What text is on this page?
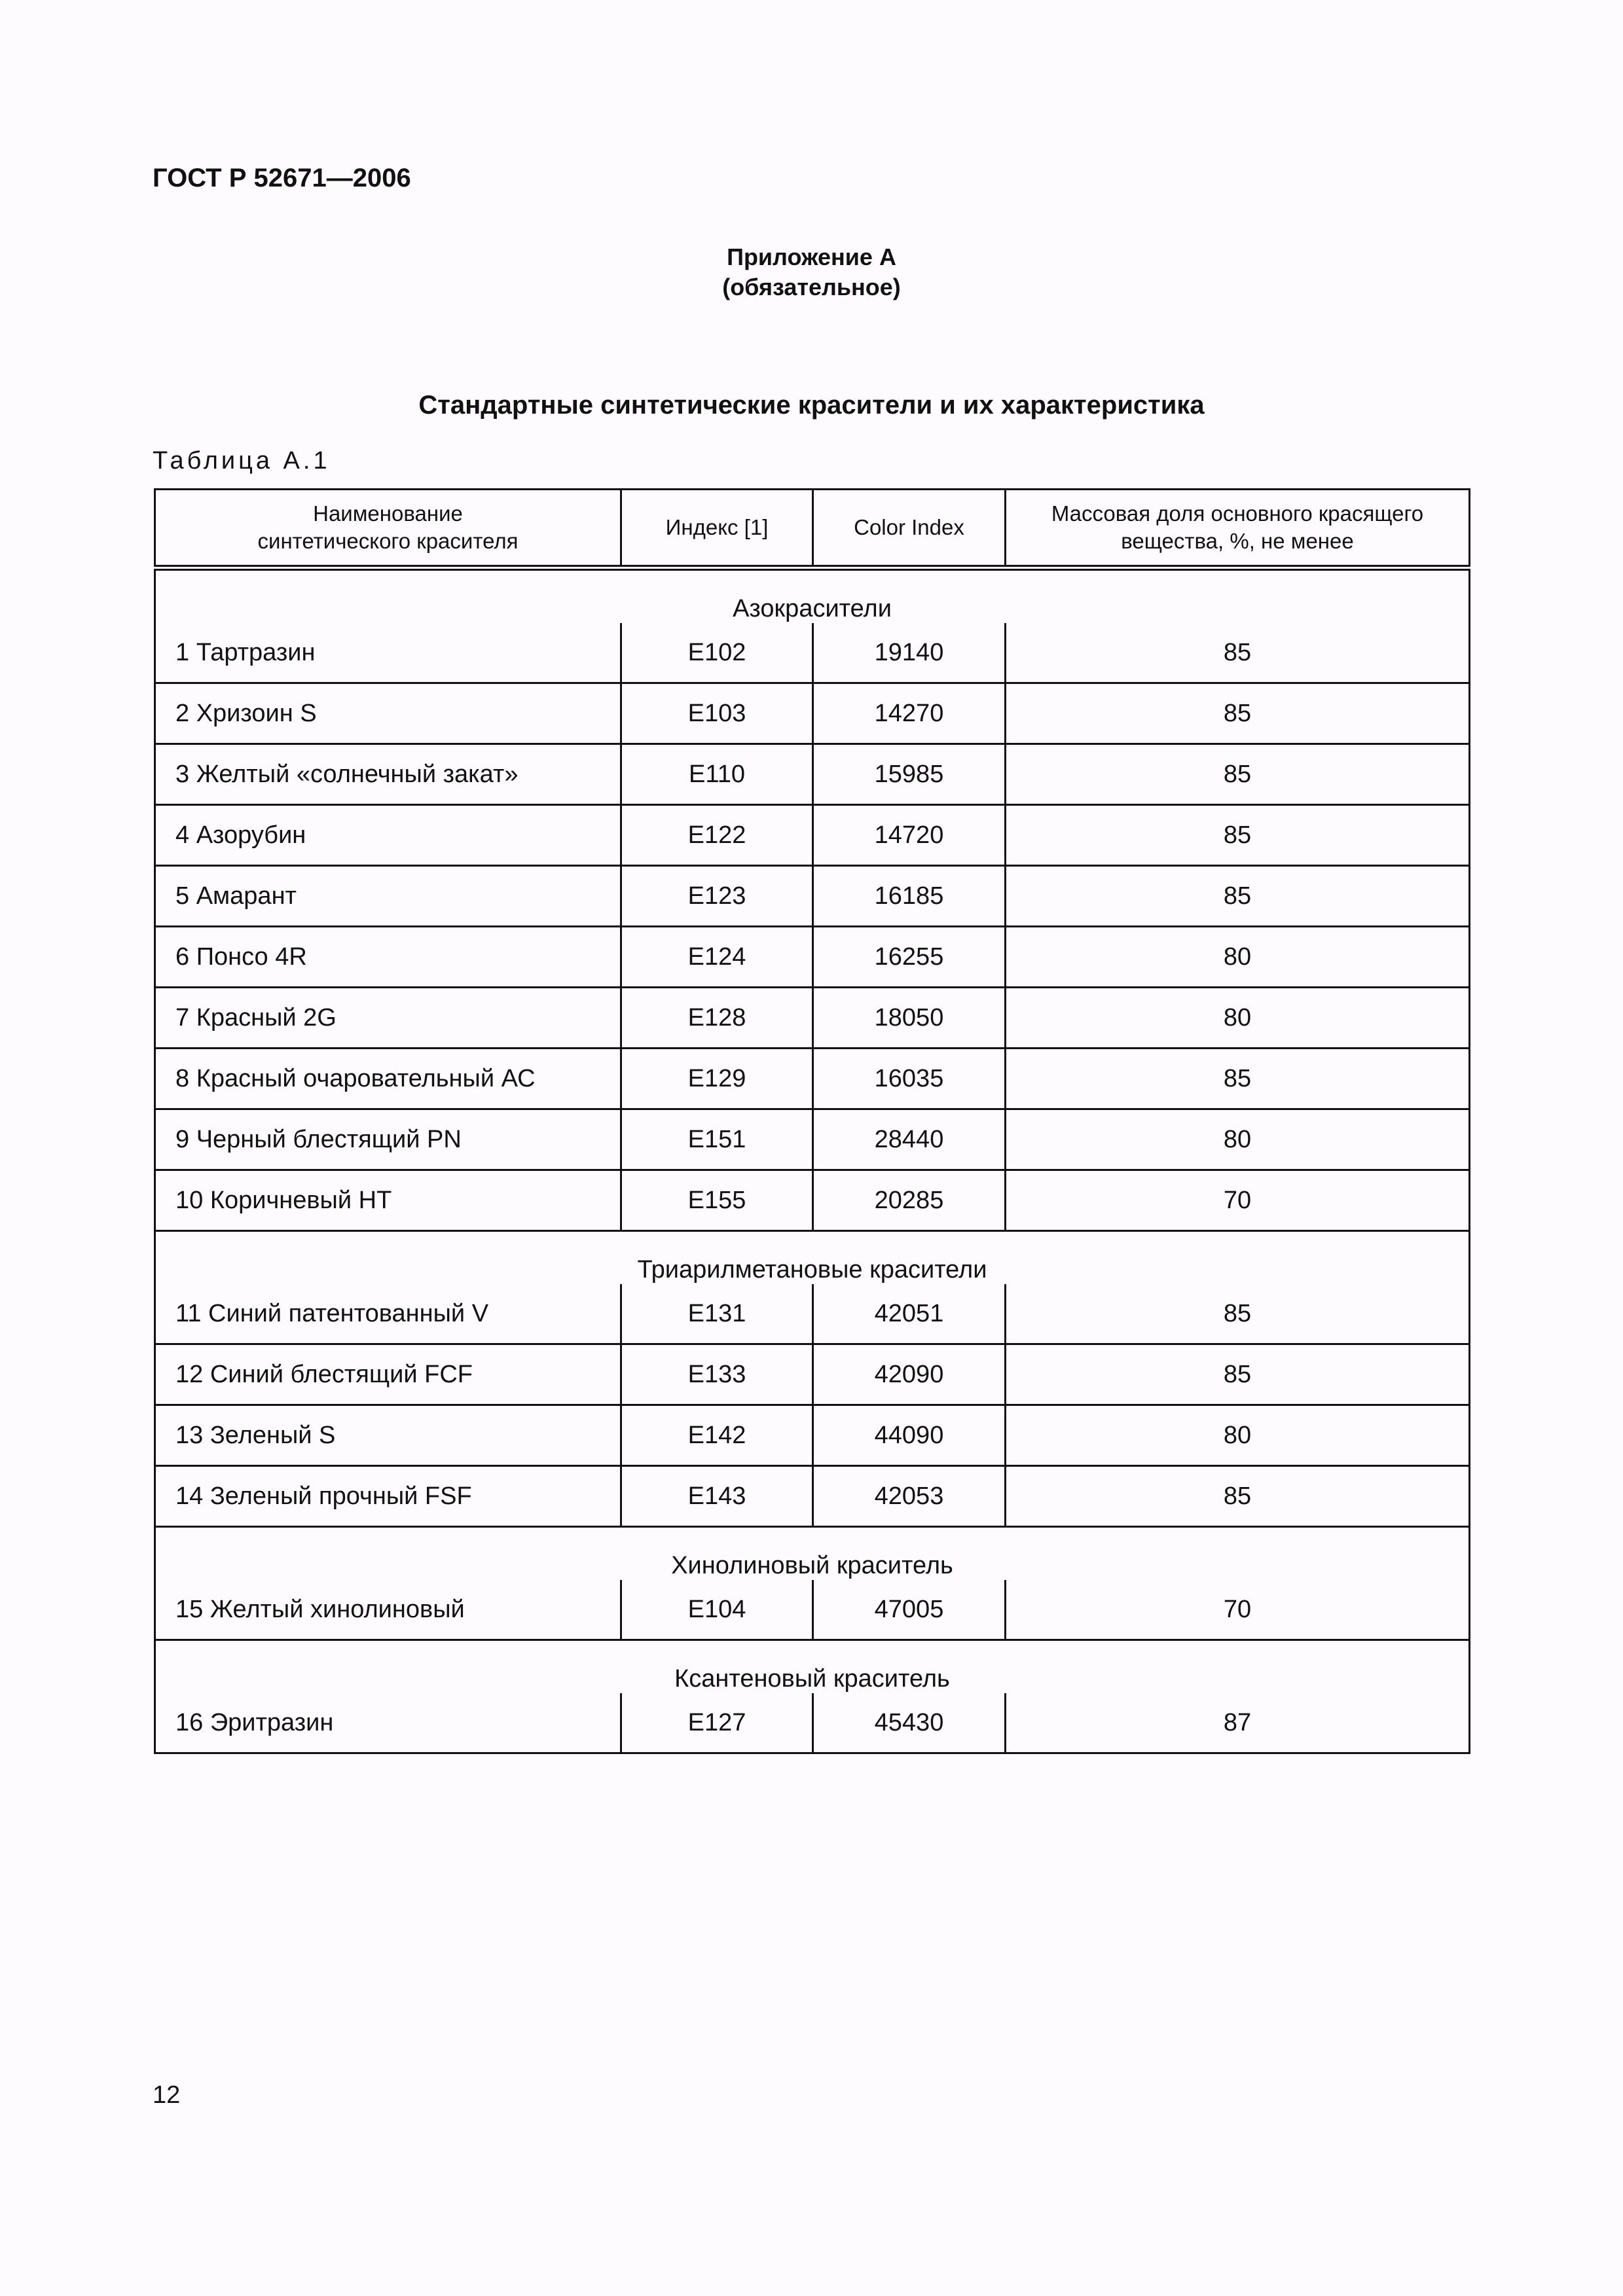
ГОСТ Р 52671—2006
Приложение А
(обязательное)
Стандартные синтетические красители и их характеристика
Таблица А.1
Наименование
синтетического красителя	Индекс [1]	Color Index	Массовая доля основного красящего
вещества, %, не менее
Азокрасители			
1 Тартразин	Е102	19140	85
2 Хризоин S	Е103	14270	85
3 Желтый «солнечный закат»	Е110	15985	85
4 Азорубин	Е122	14720	85
5 Амарант	Е123	16185	85
6 Понсо 4R	Е124	16255	80
7 Красный 2G	Е128	18050	80
8 Красный очаровательный АС	Е129	16035	85
9 Черный блестящий PN	Е151	28440	80
10 Коричневый НТ	Е155	20285	70
Триарилметановые красители			
11 Синий патентованный V	Е131	42051	85
12 Синий блестящий FCF	Е133	42090	85
13 Зеленый S	Е142	44090	80
14 Зеленый прочный FSF	Е143	42053	85
Хинолиновый краситель			
15 Желтый хинолиновый	Е104	47005	70
Ксантеновый краситель			
16 Эритразин	Е127	45430	87
12
